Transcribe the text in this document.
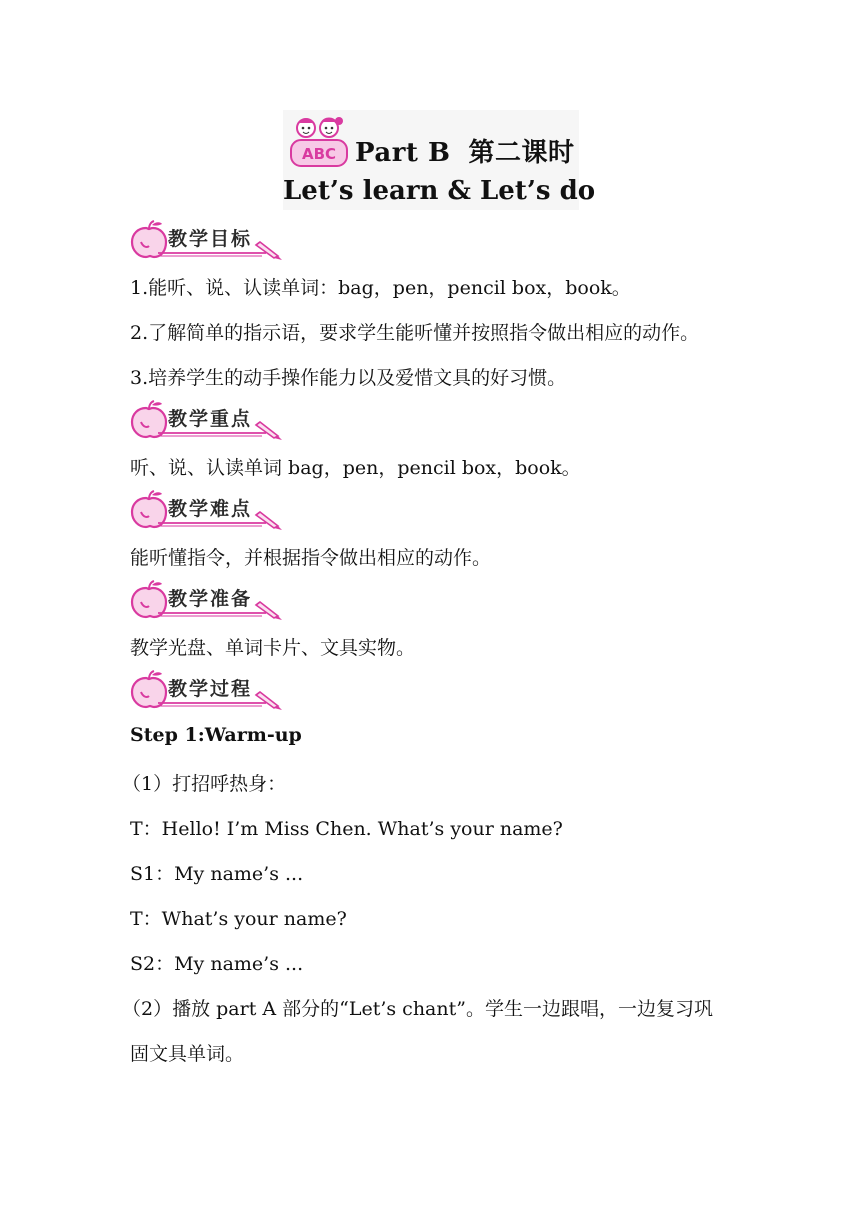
ABC Part B 第二课时
Let’s learn & Let’s do
教学目标
1.能听、说、认读单词：bag，pen，pencil box，book。
2.了解简单的指示语，要求学生能听懂并按照指令做出相应的动作。
3.培养学生的动手操作能力以及爱惜文具的好习惯。
教学重点
听、说、认读单词 bag，pen，pencil box，book。
教学难点
能听懂指令，并根据指令做出相应的动作。
教学准备
教学光盘、单词卡片、文具实物。
教学过程
Step 1:Warm-up
（1）打招呼热身：
T：Hello! I’m Miss Chen. What’s your name?
S1：My name’s ...
T：What’s your name?
S2：My name’s ...
（2）播放 part A 部分的“Let’s chant”。学生一边跟唱，一边复习巩
固文具单词。
